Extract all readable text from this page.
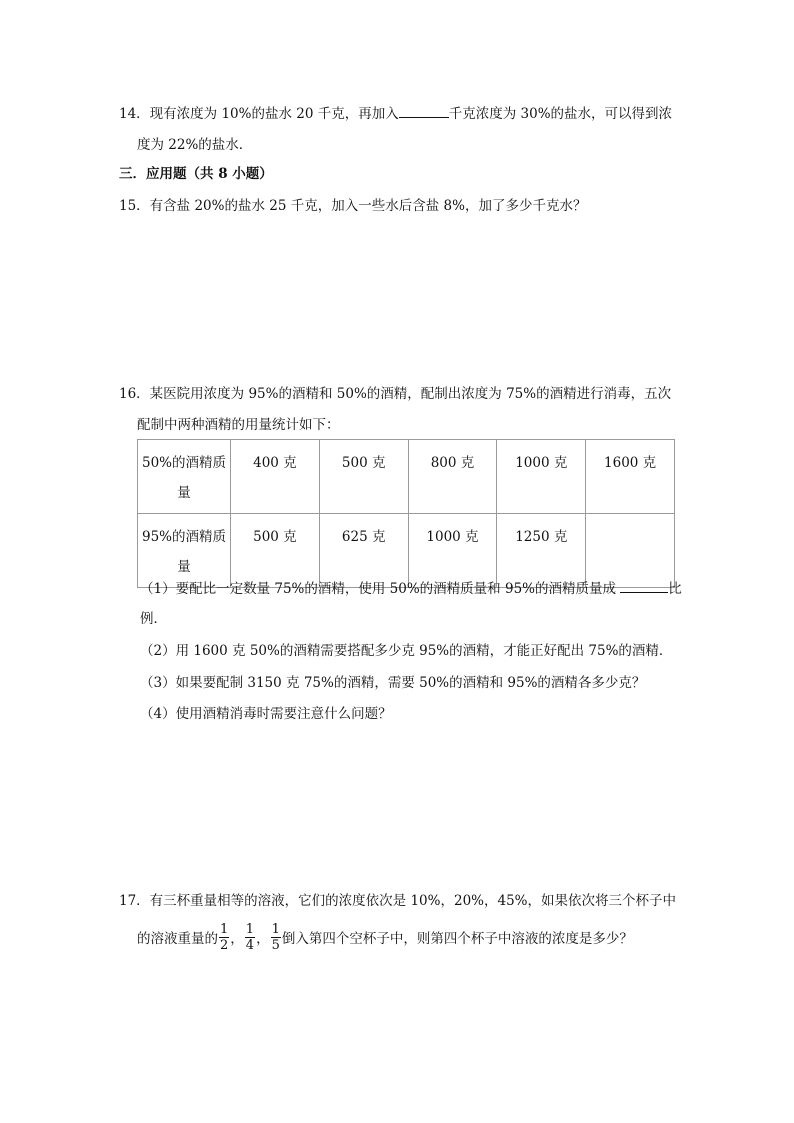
14．现有浓度为 10%的盐水 20 千克，再加入	千克浓度为 30%的盐水，可以得到浓
度为 22%的盐水．
三．应用题（共 8 小题）
15．有含盐 20%的盐水 25 千克，加入一些水后含盐 8%，加了多少千克水？
16．某医院用浓度为 95%的酒精和 50%的酒精，配制出浓度为 75%的酒精进行消毒，五次
配制中两种酒精的用量统计如下：
50%的酒精质量	400 克	500 克	800 克	1000 克	1600 克
95%的酒精质量	500 克	625 克	1000 克	1250 克	
（1）要配比一定数量 75%的酒精，使用 50%的酒精质量和 95%的酒精质量成	比
例．
（2）用 1600 克 50%的酒精需要搭配多少克 95%的酒精，才能正好配出 75%的酒精．
（3）如果要配制 3150 克 75%的酒精，需要 50%的酒精和 95%的酒精各多少克？
（4）使用酒精消毒时需要注意什么问题？
17．有三杯重量相等的溶液，它们的浓度依次是 10%，20%，45%，如果依次将三个杯子中
的溶液重量的 $\frac{1}{2}$ ， $\frac{1}{4}$ ， $\frac{1}{5}$ 倒入第四个空杯子中，则第四个杯子中溶液的浓度是多少？
